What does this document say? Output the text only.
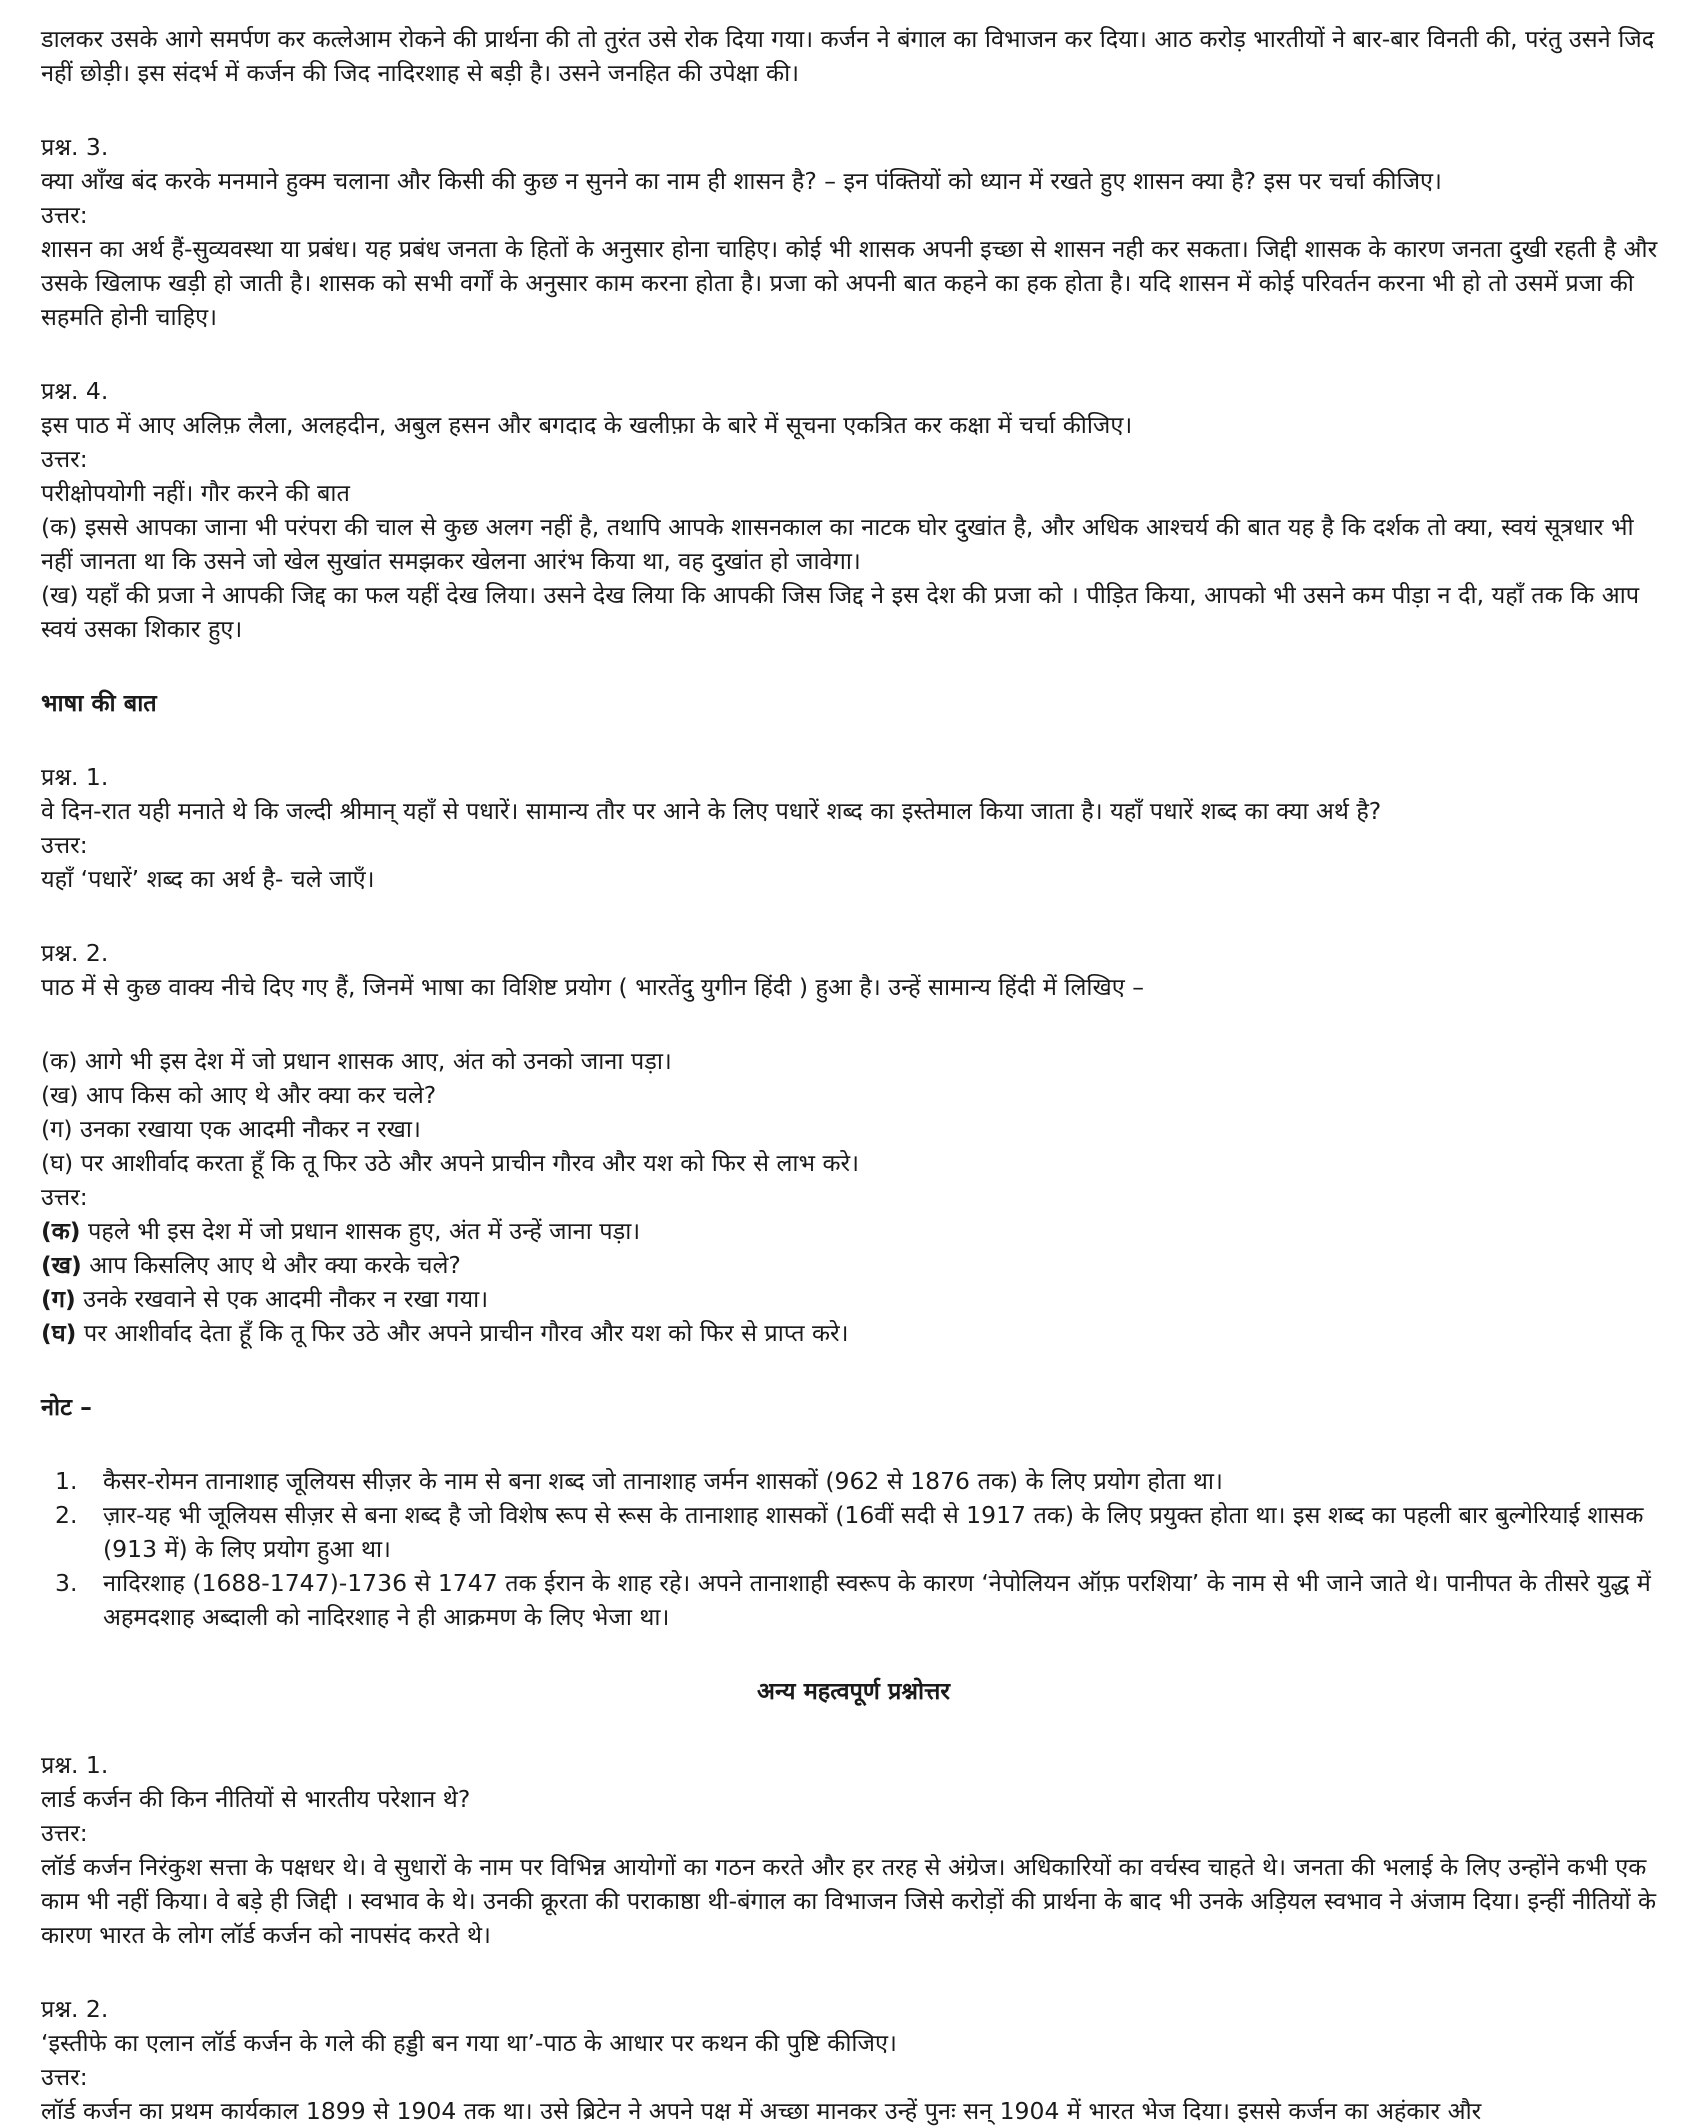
डालकर उसके आगे समर्पण कर कत्लेआम रोकने की प्रार्थना की तो तुरंत उसे रोक दिया गया। कर्जन ने बंगाल का विभाजन कर दिया। आठ करोड़ भारतीयों ने बार-बार विनती की, परंतु उसने जिद नहीं छोड़ी। इस संदर्भ में कर्जन की जिद नादिरशाह से बड़ी है। उसने जनहित की उपेक्षा की।

प्रश्न. 3.

क्या आँख बंद करके मनमाने हुक्म चलाना और किसी की कुछ न सुनने का नाम ही शासन है? – इन पंक्तियों को ध्यान में रखते हुए शासन क्या है? इस पर चर्चा कीजिए।

उत्तर:

शासन का अर्थ हैं-सुव्यवस्था या प्रबंध। यह प्रबंध जनता के हितों के अनुसार होना चाहिए। कोई भी शासक अपनी इच्छा से शासन नही कर सकता। जिद्दी शासक के कारण जनता दुखी रहती है और उसके खिलाफ खड़ी हो जाती है। शासक को सभी वर्गों के अनुसार काम करना होता है। प्रजा को अपनी बात कहने का हक होता है। यदि शासन में कोई परिवर्तन करना भी हो तो उसमें प्रजा की सहमति होनी चाहिए।

प्रश्न. 4.

इस पाठ में आए अलिफ़ लैला, अलहदीन, अबुल हसन और बगदाद के खलीफ़ा के बारे में सूचना एकत्रित कर कक्षा में चर्चा कीजिए।

उत्तर:

परीक्षोपयोगी नहीं। गौर करने की बात

(क) इससे आपका जाना भी परंपरा की चाल से कुछ अलग नहीं है, तथापि आपके शासनकाल का नाटक घोर दुखांत है, और अधिक आश्चर्य की बात यह है कि दर्शक तो क्या, स्वयं सूत्रधार भी नहीं जानता था कि उसने जो खेल सुखांत समझकर खेलना आरंभ किया था, वह दुखांत हो जावेगा।

(ख) यहाँ की प्रजा ने आपकी जिद्द का फल यहीं देख लिया। उसने देख लिया कि आपकी जिस जिद्द ने इस देश की प्रजा को । पीड़ित किया, आपको भी उसने कम पीड़ा न दी, यहाँ तक कि आप स्वयं उसका शिकार हुए।

भाषा की बात

प्रश्न. 1.

वे दिन-रात यही मनाते थे कि जल्दी श्रीमान् यहाँ से पधारें। सामान्य तौर पर आने के लिए पधारें शब्द का इस्तेमाल किया जाता है। यहाँ पधारें शब्द का क्या अर्थ है?

उत्तर:

यहाँ ‘पधारें’ शब्द का अर्थ है- चले जाएँ।

प्रश्न. 2.

पाठ में से कुछ वाक्य नीचे दिए गए हैं, जिनमें भाषा का विशिष्ट प्रयोग ( भारतेंदु युगीन हिंदी ) हुआ है। उन्हें सामान्य हिंदी में लिखिए –

(क) आगे भी इस देश में जो प्रधान शासक आए, अंत को उनको जाना पड़ा।

(ख) आप किस को आए थे और क्या कर चले?

(ग) उनका रखाया एक आदमी नौकर न रखा।

(घ) पर आशीर्वाद करता हूँ कि तू फिर उठे और अपने प्राचीन गौरव और यश को फिर से लाभ करे।

उत्तर:

(क) पहले भी इस देश में जो प्रधान शासक हुए, अंत में उन्हें जाना पड़ा।

(ख) आप किसलिए आए थे और क्या करके चले?

(ग) उनके रखवाने से एक आदमी नौकर न रखा गया।

(घ) पर आशीर्वाद देता हूँ कि तू फिर उठे और अपने प्राचीन गौरव और यश को फिर से प्राप्त करे।

नोट –

1. कैसर-रोमन तानाशाह जूलियस सीज़र के नाम से बना शब्द जो तानाशाह जर्मन शासकों (962 से 1876 तक) के लिए प्रयोग होता था।
2. ज़ार-यह भी जूलियस सीज़र से बना शब्द है जो विशेष रूप से रूस के तानाशाह शासकों (16वीं सदी से 1917 तक) के लिए प्रयुक्त होता था। इस शब्द का पहली बार बुल्गेरियाई शासक (913 में) के लिए प्रयोग हुआ था।
3. नादिरशाह (1688-1747)-1736 से 1747 तक ईरान के शाह रहे। अपने तानाशाही स्वरूप के कारण ‘नेपोलियन ऑफ़ परशिया’ के नाम से भी जाने जाते थे। पानीपत के तीसरे युद्ध में अहमदशाह अब्दाली को नादिरशाह ने ही आक्रमण के लिए भेजा था।

अन्य महत्वपूर्ण प्रश्नोत्तर

प्रश्न. 1.

लार्ड कर्जन की किन नीतियों से भारतीय परेशान थे?

उत्तर:

लॉर्ड कर्जन निरंकुश सत्ता के पक्षधर थे। वे सुधारों के नाम पर विभिन्न आयोगों का गठन करते और हर तरह से अंग्रेज। अधिकारियों का वर्चस्व चाहते थे। जनता की भलाई के लिए उन्होंने कभी एक काम भी नहीं किया। वे बड़े ही जिद्दी । स्वभाव के थे। उनकी क्रूरता की पराकाष्ठा थी-बंगाल का विभाजन जिसे करोड़ों की प्रार्थना के बाद भी उनके अड़ियल स्वभाव ने अंजाम दिया। इन्हीं नीतियों के कारण भारत के लोग लॉर्ड कर्जन को नापसंद करते थे।

प्रश्न. 2.

‘इस्तीफे का एलान लॉर्ड कर्जन के गले की हड्डी बन गया था’-पाठ के आधार पर कथन की पुष्टि कीजिए।

उत्तर:

लॉर्ड कर्जन का प्रथम कार्यकाल 1899 से 1904 तक था। उसे ब्रिटेन ने अपने पक्ष में अच्छा मानकर उन्हें पुनः सन् 1904 में भारत भेज दिया। इससे कर्जन का अहंकार और
